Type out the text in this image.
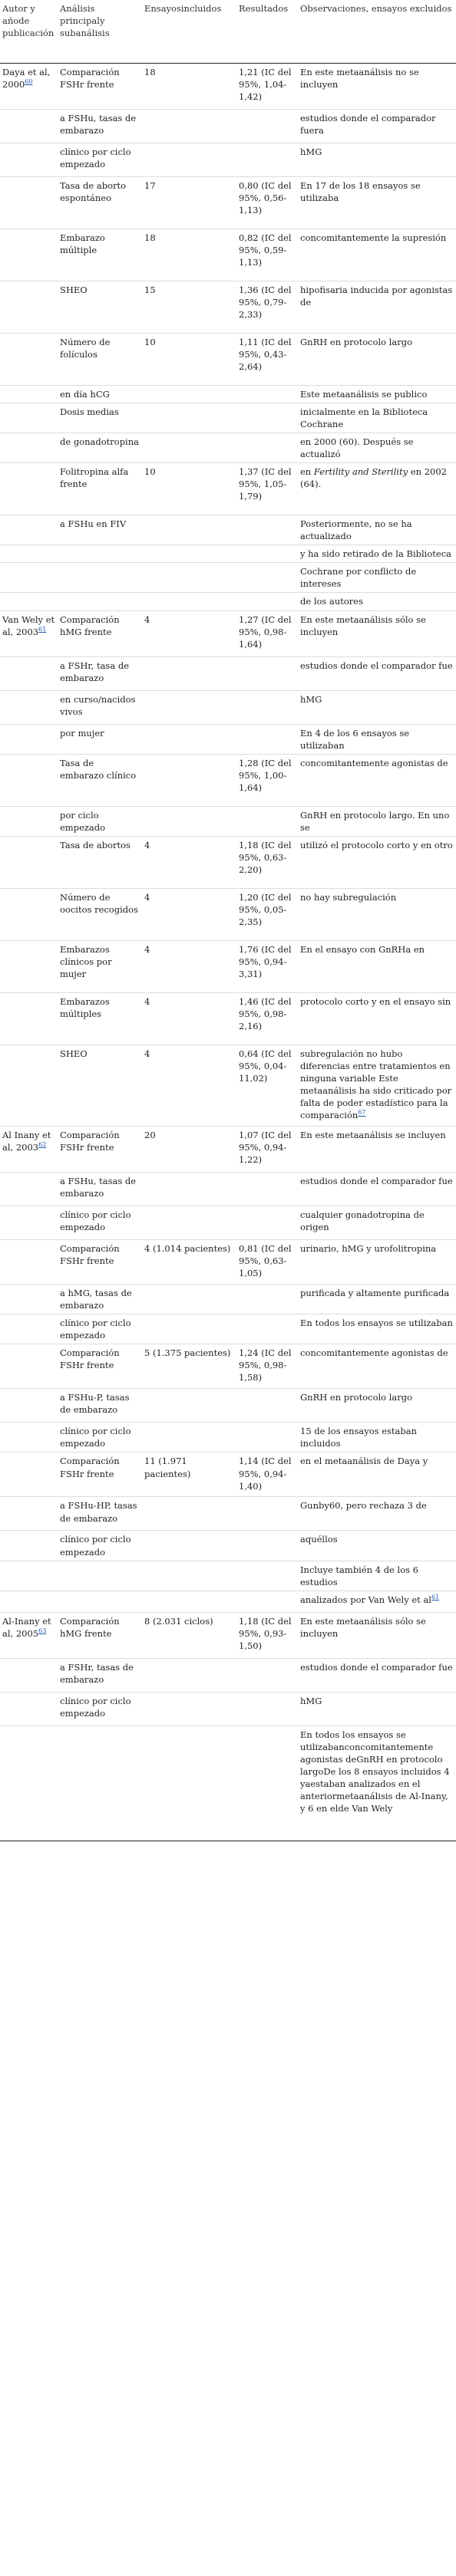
Autor y añode publicación	Análisis principaly subanálisis	Ensayosincluidos	Resultados	Observaciones, ensayos excluidos
Daya et al, 2000$^{60}$	Comparación FSHr frente	18	1,21 (IC del 95%, 1,04-1,42)	En este metaanálisis no se incluyen
	a FSHu, tasas de embarazo			estudios donde el comparador fuera
	clínico por ciclo empezado			hMG
	Tasa de aborto espontáneo	17	0,80 (IC del 95%, 0,56-1,13)	En 17 de los 18 ensayos se utilizaba
	Embarazo múltiple	18	0,82 (IC del 95%, 0,59-1,13)	concomitantemente la supresión
	SHEO	15	1,36 (IC del 95%, 0,79-2,33)	hipofisaria inducida por agonistas de
	Número de folículos	10	1,11 (IC del 95%, 0,43-2,64)	GnRH en protocolo largo
	en día hCG			Este metaanálisis se publico
	Dosis medias			inicialmente en la Biblioteca Cochrane
	de gonadotropina			en 2000 (60). Después se actualizó
	Folitropina alfa frente	10	1,37 (IC del 95%, 1,05-1,79)	en Fertility and Sterility en 2002 (64).
	a FSHu en FIV			Posteriormente, no se ha actualizado
				y ha sido retirado de la Biblioteca
				Cochrane por conflicto de intereses
				de los autores
Van Wely et al, 2003$^{61}$	Comparación hMG frente	4	1,27 (IC del 95%, 0,98-1,64)	En este metaanálisis sólo se incluyen
	a FSHr, tasa de embarazo			estudios donde el comparador fue
	en curso/nacidos vivos			hMG
	por mujer			En 4 de los 6 ensayos se utilizaban
	Tasa de embarazo clínico		1,28 (IC del 95%, 1,00-1,64)	concomitantemente agonistas de
	por ciclo empezado			GnRH en protocolo largo. En uno se
	Tasa de abortos	4	1,18 (IC del 95%, 0,63-2,20)	utilizó el protocolo corto y en otro
	Número de oocitos recogidos	4	1,20 (IC del 95%, 0,05-2,35)	no hay subregulación
	Embarazos clínicos por mujer	4	1,76 (IC del 95%, 0,94-3,31)	En el ensayo con GnRHa en
	Embarazos múltiples	4	1,46 (IC del 95%, 0,98-2,16)	protocolo corto y en el ensayo sin
	SHEO	4	0,64 (IC del 95%, 0,04-11,02)	subregulación no hubo diferencias entre tratamientos en ninguna variable Este metaanálisis ha sido criticado por falta de poder estadístico para la comparación$^{67}$
Al Inany et al, 2003$^{62}$	Comparación FSHr frente	20	1,07 (IC del 95%, 0,94-1,22)	En este metaanálisis se incluyen
	a FSHu, tasas de embarazo			estudios donde el comparador fue
	clínico por ciclo empezado			cualquier gonadotropina de origen
	Comparación FSHr frente	4 (1.014 pacientes)	0,81 (IC del 95%, 0,63-1,05)	urinario, hMG y urofolitropina
	a hMG, tasas de embarazo			purificada y altamente purificada
	clínico por ciclo empezado			En todos los ensayos se utilizaban
	Comparación FSHr frente	5 (1.375 pacientes)	1,24 (IC del 95%, 0,98-1,58)	concomitantemente agonistas de
	a FSHu-P, tasas de embarazo			GnRH en protocolo largo
	clínico por ciclo empezado			15 de los ensayos estaban incluidos
	Comparación FSHr frente	11 (1.971 pacientes)	1,14 (IC del 95%, 0,94-1,40)	en el metaanálisis de Daya y
	a FSHu-HP, tasas de embarazo			Gunby60, pero rechaza 3 de
	clínico por ciclo empezado			aquéllos
				Incluye también 4 de los 6 estudios
				analizados por Van Wely et $al^{61}$
Al-Inany et al, 2005$^{63}$	Comparación hMG frente	8 (2.031 ciclos)	1,18 (IC del 95%, 0,93-1,50)	En este metaanálisis sólo se incluyen
	a FSHr, tasas de embarazo			estudios donde el comparador fue
	clínico por ciclo empezado			hMG
				En todos los ensayos se utilizabanconcomitantemente agonistas deGnRH en protocolo largoDe los 8 ensayos incluidos 4 yaestaban analizados en el anteriormetaanálisis de Al-Inany, y 6 en elde Van Wely
